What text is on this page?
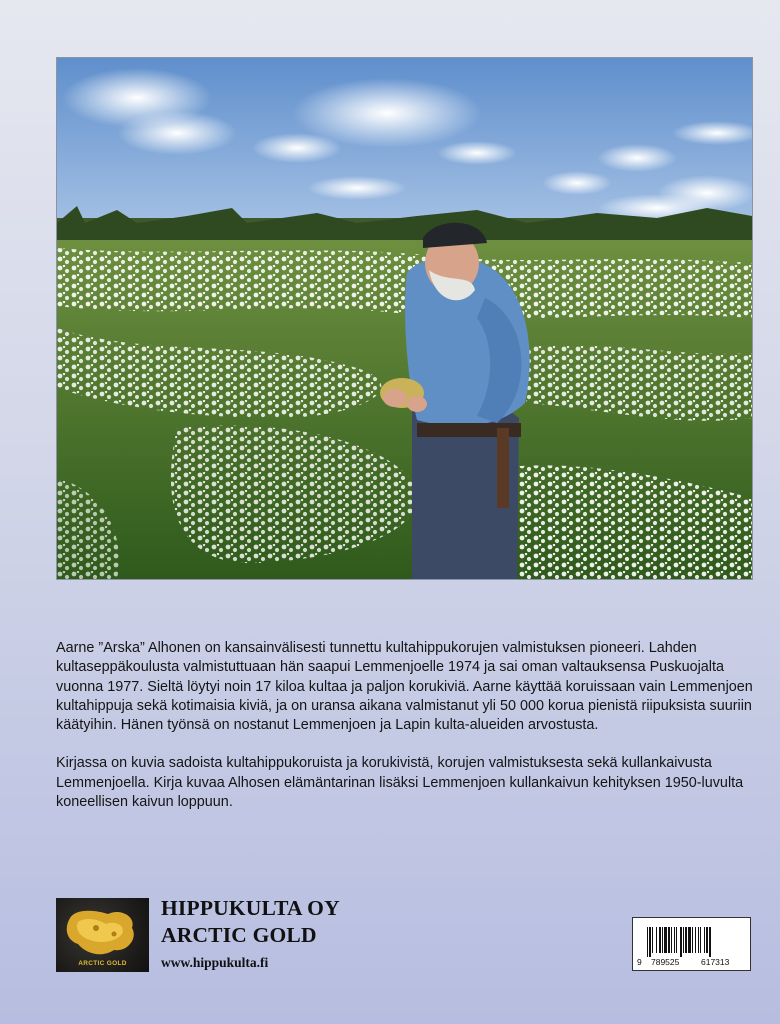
Aarne ”Arska” Alhonen on kansainvälisesti tunnettu kultahippukorujen valmistuksen pioneeri. Lahden kultaseppäkoulusta valmistuttuaan hän saapui Lemmenjoelle 1974 ja sai oman valtauksensa Puskuojalta vuonna 1977. Sieltä löytyi noin 17 kiloa kultaa ja paljon korukiviä. Aarne käyttää koruissaan vain Lemmenjoen kultahippuja sekä kotimaisia kiviä, ja on uransa aikana valmistanut yli 50 000 korua pienistä riipuksista suuriin käätyihin. Hänen työnsä on nostanut Lemmenjoen ja Lapin kulta-alueiden arvostusta.

Kirjassa on kuvia sadoista kultahippukoruista ja korukivistä, korujen valmistuksesta sekä kullankaivusta Lemmenjoella. Kirja kuvaa Alhosen elämäntarinan lisäksi Lemmenjoen kullankaivun kehityksen 1950-luvulta koneellisen kaivun loppuun.

ARCTIC GOLD
HIPPUKULTA OY
ARCTIC GOLD
www.hippukulta.fi	9 789525	617313
